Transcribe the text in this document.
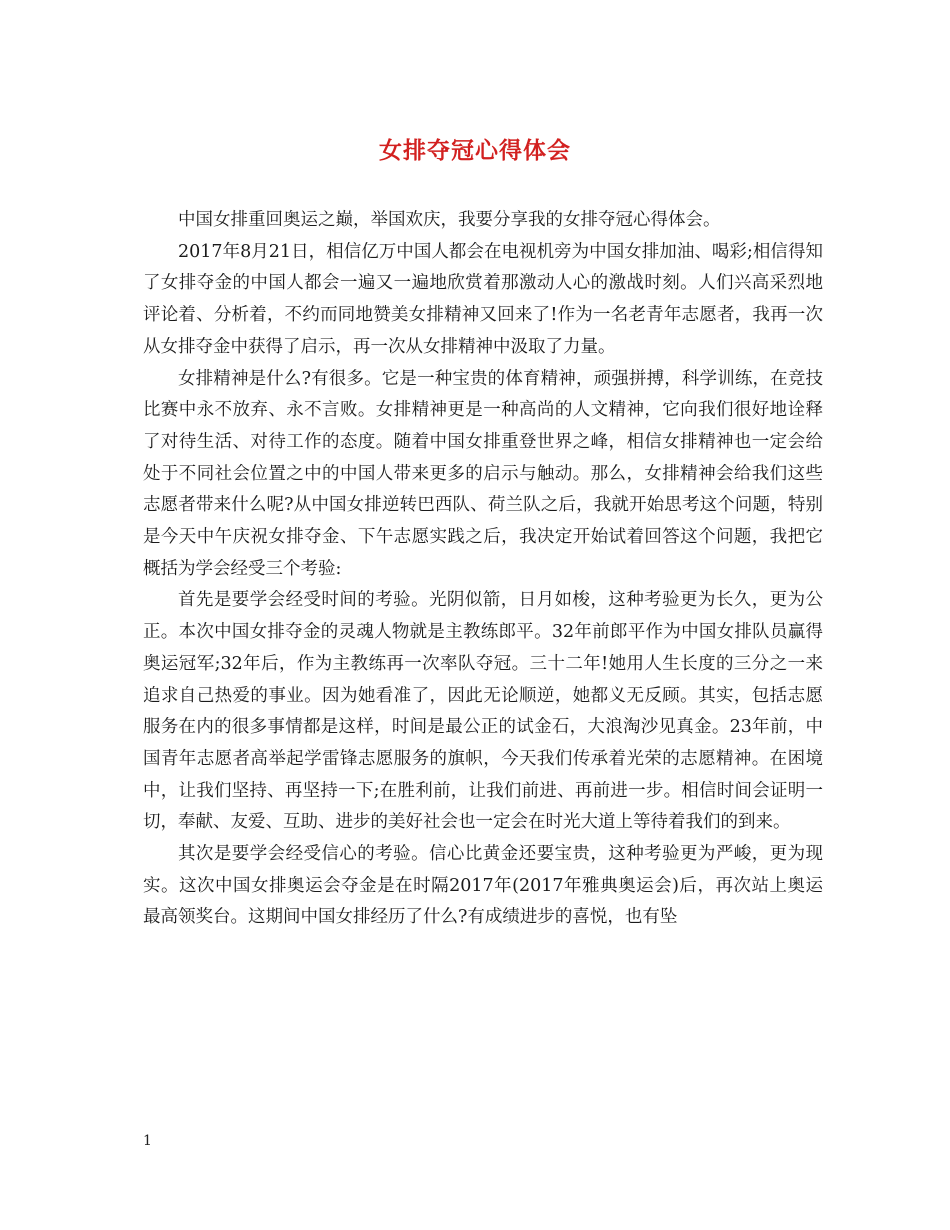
女排夺冠心得体会

中国女排重回奥运之巅，举国欢庆，我要分享我的女排夺冠心得体会。

2017年8月21日，相信亿万中国人都会在电视机旁为中国女排加油、喝彩;相信得知了女排夺金的中国人都会一遍又一遍地欣赏着那激动人心的激战时刻。人们兴高采烈地评论着、分析着，不约而同地赞美女排精神又回来了!作为一名老青年志愿者，我再一次从女排夺金中获得了启示，再一次从女排精神中汲取了力量。

女排精神是什么?有很多。它是一种宝贵的体育精神，顽强拼搏，科学训练，在竞技比赛中永不放弃、永不言败。女排精神更是一种高尚的人文精神，它向我们很好地诠释了对待生活、对待工作的态度。随着中国女排重登世界之峰，相信女排精神也一定会给处于不同社会位置之中的中国人带来更多的启示与触动。那么，女排精神会给我们这些志愿者带来什么呢?从中国女排逆转巴西队、荷兰队之后，我就开始思考这个问题，特别是今天中午庆祝女排夺金、下午志愿实践之后，我决定开始试着回答这个问题，我把它概括为学会经受三个考验:

首先是要学会经受时间的考验。光阴似箭，日月如梭，这种考验更为长久，更为公正。本次中国女排夺金的灵魂人物就是主教练郎平。32年前郎平作为中国女排队员赢得奥运冠军;32年后，作为主教练再一次率队夺冠。三十二年!她用人生长度的三分之一来追求自己热爱的事业。因为她看准了，因此无论顺逆，她都义无反顾。其实，包括志愿服务在内的很多事情都是这样，时间是最公正的试金石，大浪淘沙见真金。23年前，中国青年志愿者高举起学雷锋志愿服务的旗帜，今天我们传承着光荣的志愿精神。在困境中，让我们坚持、再坚持一下;在胜利前，让我们前进、再前进一步。相信时间会证明一切，奉献、友爱、互助、进步的美好社会也一定会在时光大道上等待着我们的到来。

其次是要学会经受信心的考验。信心比黄金还要宝贵，这种考验更为严峻，更为现实。这次中国女排奥运会夺金是在时隔2017年(2017年雅典奥运会)后，再次站上奥运最高领奖台。这期间中国女排经历了什么?有成绩进步的喜悦，也有坠

1
